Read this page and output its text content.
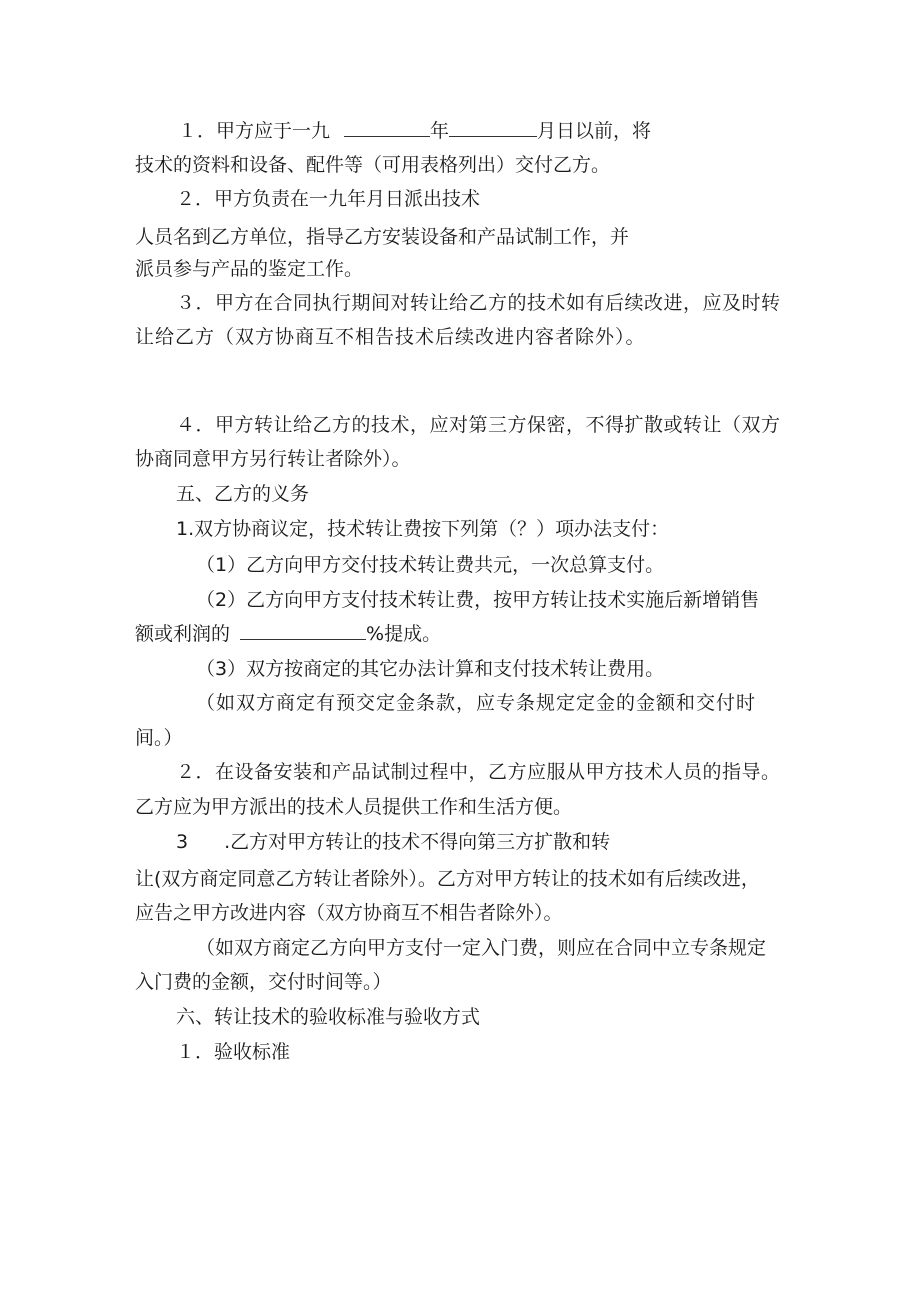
１．甲方应于一九	年	月日以前，将
技术的资料和设备、配件等（可用表格列出）交付乙方。
２．甲方负责在一九年月日派出技术
人员名到乙方单位，指导乙方安装设备和产品试制工作，并
派员参与产品的鉴定工作。
３．甲方在合同执行期间对转让给乙方的技术如有后续改进，应及时转
让给乙方（双方协商互不相告技术后续改进内容者除外）。
４．甲方转让给乙方的技术，应对第三方保密，不得扩散或转让（双方
协商同意甲方另行转让者除外）。
五、乙方的义务
1.双方协商议定，技术转让费按下列第（？）项办法支付：
（1）乙方向甲方交付技术转让费共元，一次总算支付。
（2）乙方向甲方支付技术转让费，按甲方转让技术实施后新增销售
额或利润的	%提成。
（3）双方按商定的其它办法计算和支付技术转让费用。
（如双方商定有预交定金条款，应专条规定定金的金额和交付时
间。）
２．在设备安装和产品试制过程中，乙方应服从甲方技术人员的指导。
乙方应为甲方派出的技术人员提供工作和生活方便。
3 .乙方对甲方转让的技术不得向第三方扩散和转
让(双方商定同意乙方转让者除外）。乙方对甲方转让的技术如有后续改进，
应告之甲方改进内容（双方协商互不相告者除外）。
（如双方商定乙方向甲方支付一定入门费，则应在合同中立专条规定
入门费的金额，交付时间等。）
六、转让技术的验收标准与验收方式
１．验收标准
